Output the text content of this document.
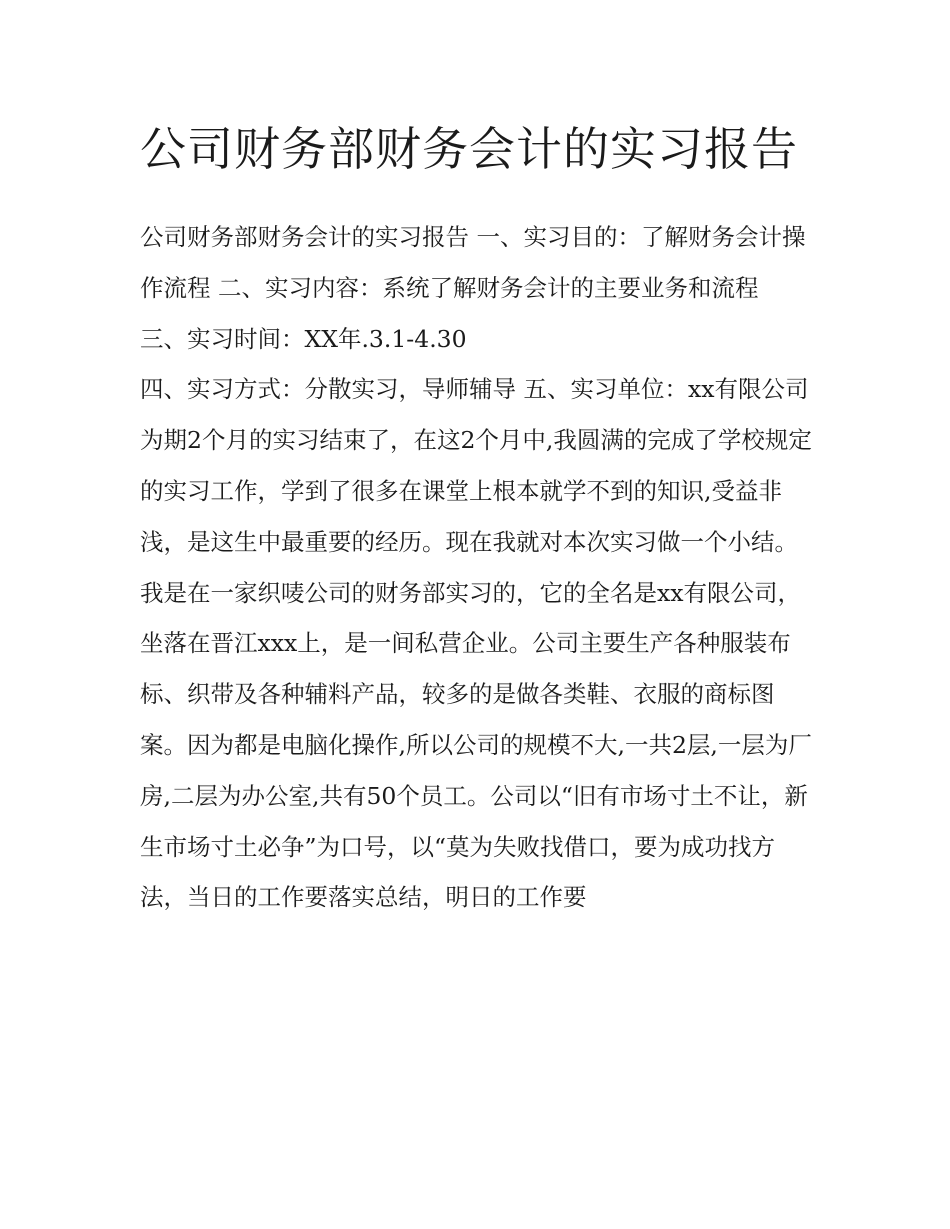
公司财务部财务会计的实习报告

公司财务部财务会计的实习报告 一、实习目的：了解财务会计操作流程 二、实习内容：系统了解财务会计的主要业务和流程 三、实习时间：XX年.3.1-4.30

四、实习方式：分散实习，导师辅导 五、实习单位：xx有限公司

为期2个月的实习结束了，在这2个月中,我圆满的完成了学校规定的实习工作，学到了很多在课堂上根本就学不到的知识,受益非浅，是这生中最重要的经历。现在我就对本次实习做一个小结。

我是在一家织唛公司的财务部实习的，它的全名是xx有限公司，坐落在晋江xxx上，是一间私营企业。公司主要生产各种服装布标、织带及各种辅料产品，较多的是做各类鞋、衣服的商标图案。因为都是电脑化操作,所以公司的规模不大,一共2层,一层为厂房,二层为办公室,共有50个员工。公司以“旧有市场寸土不让，新生市场寸土必争”为口号，以“莫为失败找借口，要为成功找方法，当日的工作要落实总结，明日的工作要
